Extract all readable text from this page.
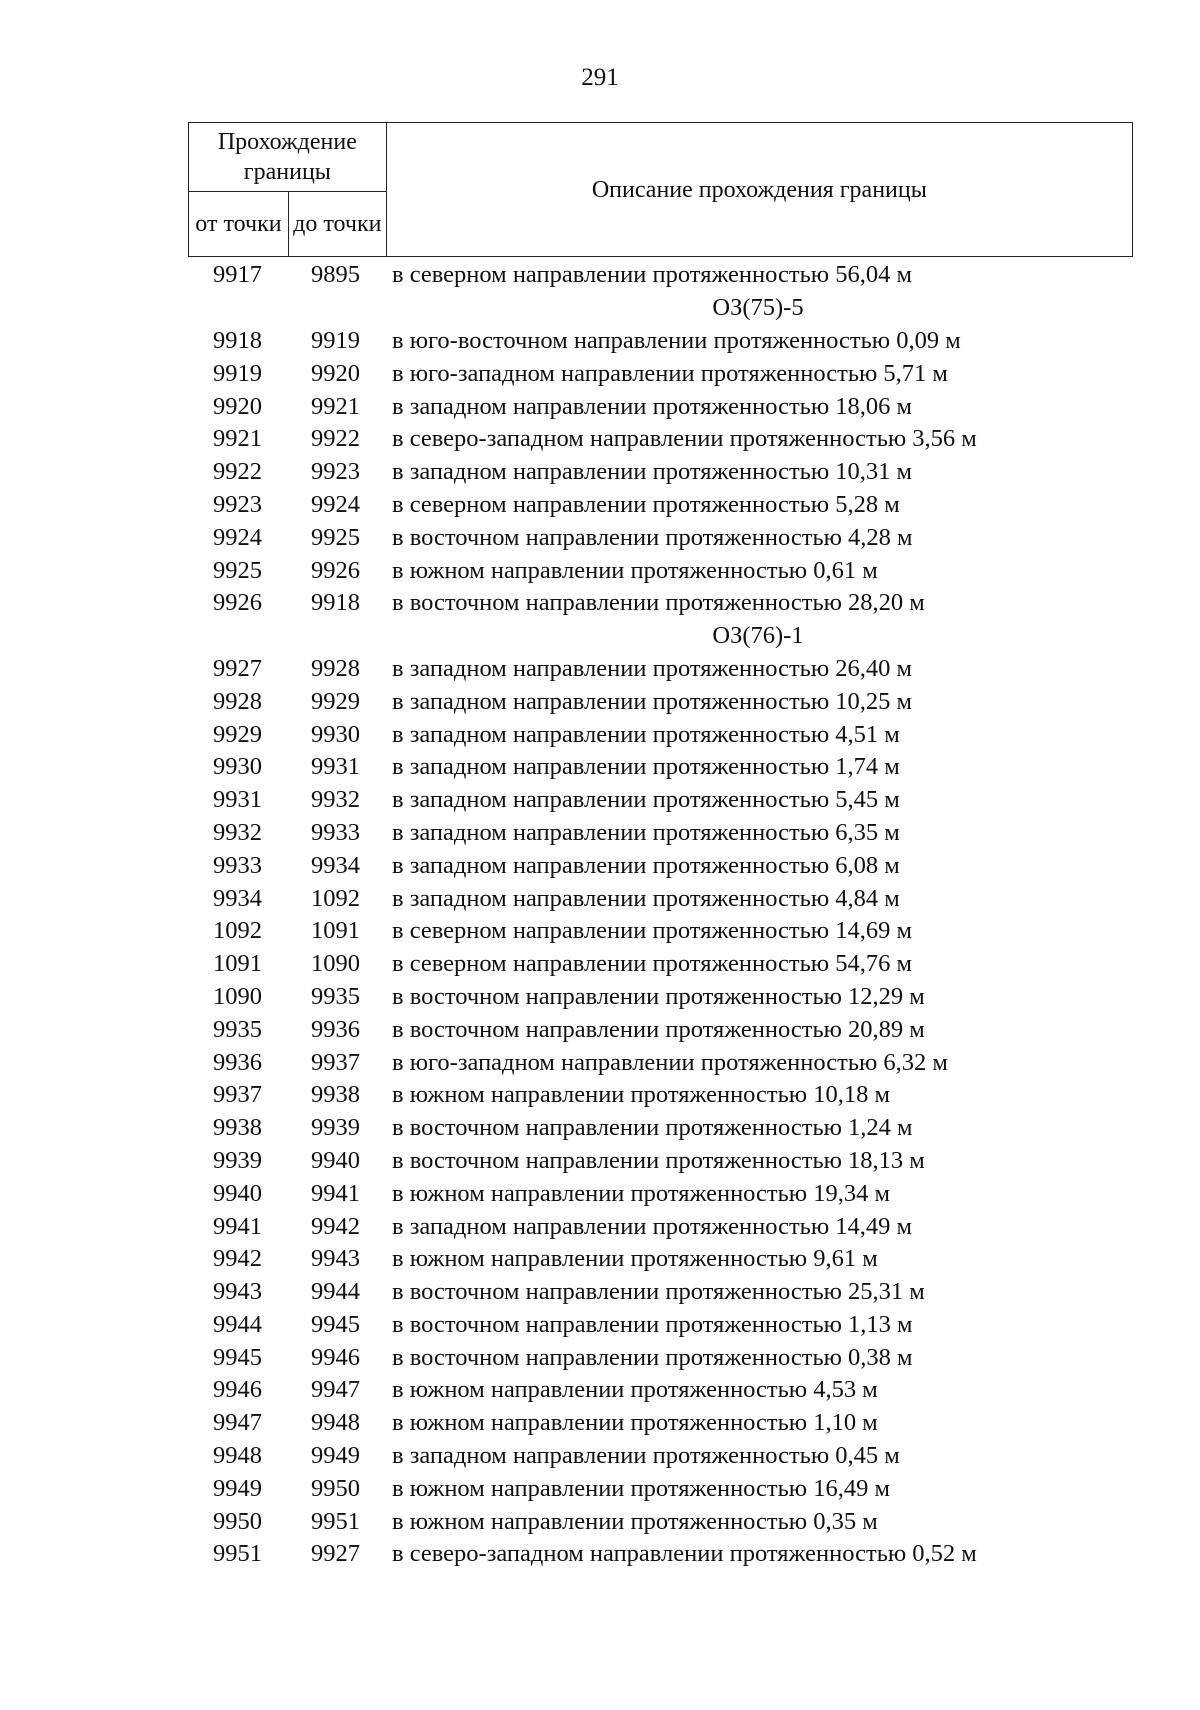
291
Прохождение границы		Описание прохождения границы
от точки	до точки	
9917	9895	в северном направлении протяженностью 56,04 м
ОЗ(75)-5
9918	9919	в юго-восточном направлении протяженностью 0,09 м
9919	9920	в юго-западном направлении протяженностью 5,71 м
9920	9921	в западном направлении протяженностью 18,06 м
9921	9922	в северо-западном направлении протяженностью 3,56 м
9922	9923	в западном направлении протяженностью 10,31 м
9923	9924	в северном направлении протяженностью 5,28 м
9924	9925	в восточном направлении протяженностью 4,28 м
9925	9926	в южном направлении протяженностью 0,61 м
9926	9918	в восточном направлении протяженностью 28,20 м
ОЗ(76)-1
9927	9928	в западном направлении протяженностью 26,40 м
9928	9929	в западном направлении протяженностью 10,25 м
9929	9930	в западном направлении протяженностью 4,51 м
9930	9931	в западном направлении протяженностью 1,74 м
9931	9932	в западном направлении протяженностью 5,45 м
9932	9933	в западном направлении протяженностью 6,35 м
9933	9934	в западном направлении протяженностью 6,08 м
9934	1092	в западном направлении протяженностью 4,84 м
1092	1091	в северном направлении протяженностью 14,69 м
1091	1090	в северном направлении протяженностью 54,76 м
1090	9935	в восточном направлении протяженностью 12,29 м
9935	9936	в восточном направлении протяженностью 20,89 м
9936	9937	в юго-западном направлении протяженностью 6,32 м
9937	9938	в южном направлении протяженностью 10,18 м
9938	9939	в восточном направлении протяженностью 1,24 м
9939	9940	в восточном направлении протяженностью 18,13 м
9940	9941	в южном направлении протяженностью 19,34 м
9941	9942	в западном направлении протяженностью 14,49 м
9942	9943	в южном направлении протяженностью 9,61 м
9943	9944	в восточном направлении протяженностью 25,31 м
9944	9945	в восточном направлении протяженностью 1,13 м
9945	9946	в восточном направлении протяженностью 0,38 м
9946	9947	в южном направлении протяженностью 4,53 м
9947	9948	в южном направлении протяженностью 1,10 м
9948	9949	в западном направлении протяженностью 0,45 м
9949	9950	в южном направлении протяженностью 16,49 м
9950	9951	в южном направлении протяженностью 0,35 м
9951	9927	в северо-западном направлении протяженностью 0,52 м
